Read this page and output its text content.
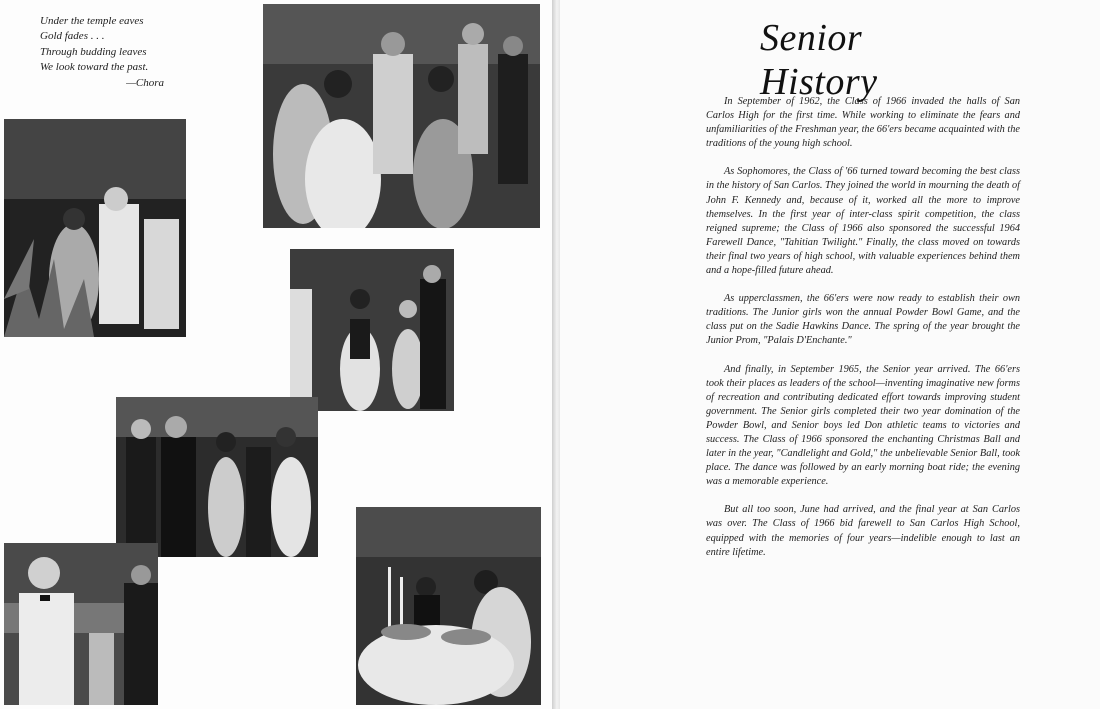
Under the temple eaves
Gold fades . . .
Through budding leaves
We look toward the past.
—Chora
Senior History

In September of 1962, the Class of 1966 invaded the halls of San Carlos High for the first time. While working to eliminate the fears and unfamiliarities of the Freshman year, the 66'ers became acquainted with the traditions of the young high school.

As Sophomores, the Class of '66 turned toward becoming the best class in the history of San Carlos. They joined the world in mourning the death of John F. Kennedy and, because of it, worked all the more to improve themselves. In the first year of inter-class spirit competition, the class reigned supreme; the Class of 1966 also sponsored the successful 1964 Farewell Dance, "Tahitian Twilight." Finally, the class moved on towards their final two years of high school, with valuable experiences behind them and a hope-filled future ahead.

As upperclassmen, the 66'ers were now ready to establish their own traditions. The Junior girls won the annual Powder Bowl Game, and the class put on the Sadie Hawkins Dance. The spring of the year brought the Junior Prom, "Palais D'Enchante."

And finally, in September 1965, the Senior year arrived. The 66'ers took their places as leaders of the school—inventing imaginative new forms of recreation and contributing dedicated effort towards improving student government. The Senior girls completed their two year domination of the Powder Bowl, and Senior boys led Don athletic teams to victories and success. The Class of 1966 sponsored the enchanting Christmas Ball and later in the year, "Candlelight and Gold," the unbelievable Senior Ball, took place. The dance was followed by an early morning boat ride; the evening was a memorable experience.

But all too soon, June had arrived, and the final year at San Carlos was over. The Class of 1966 bid farewell to San Carlos High School, equipped with the memories of four years—indelible enough to last an entire lifetime.
